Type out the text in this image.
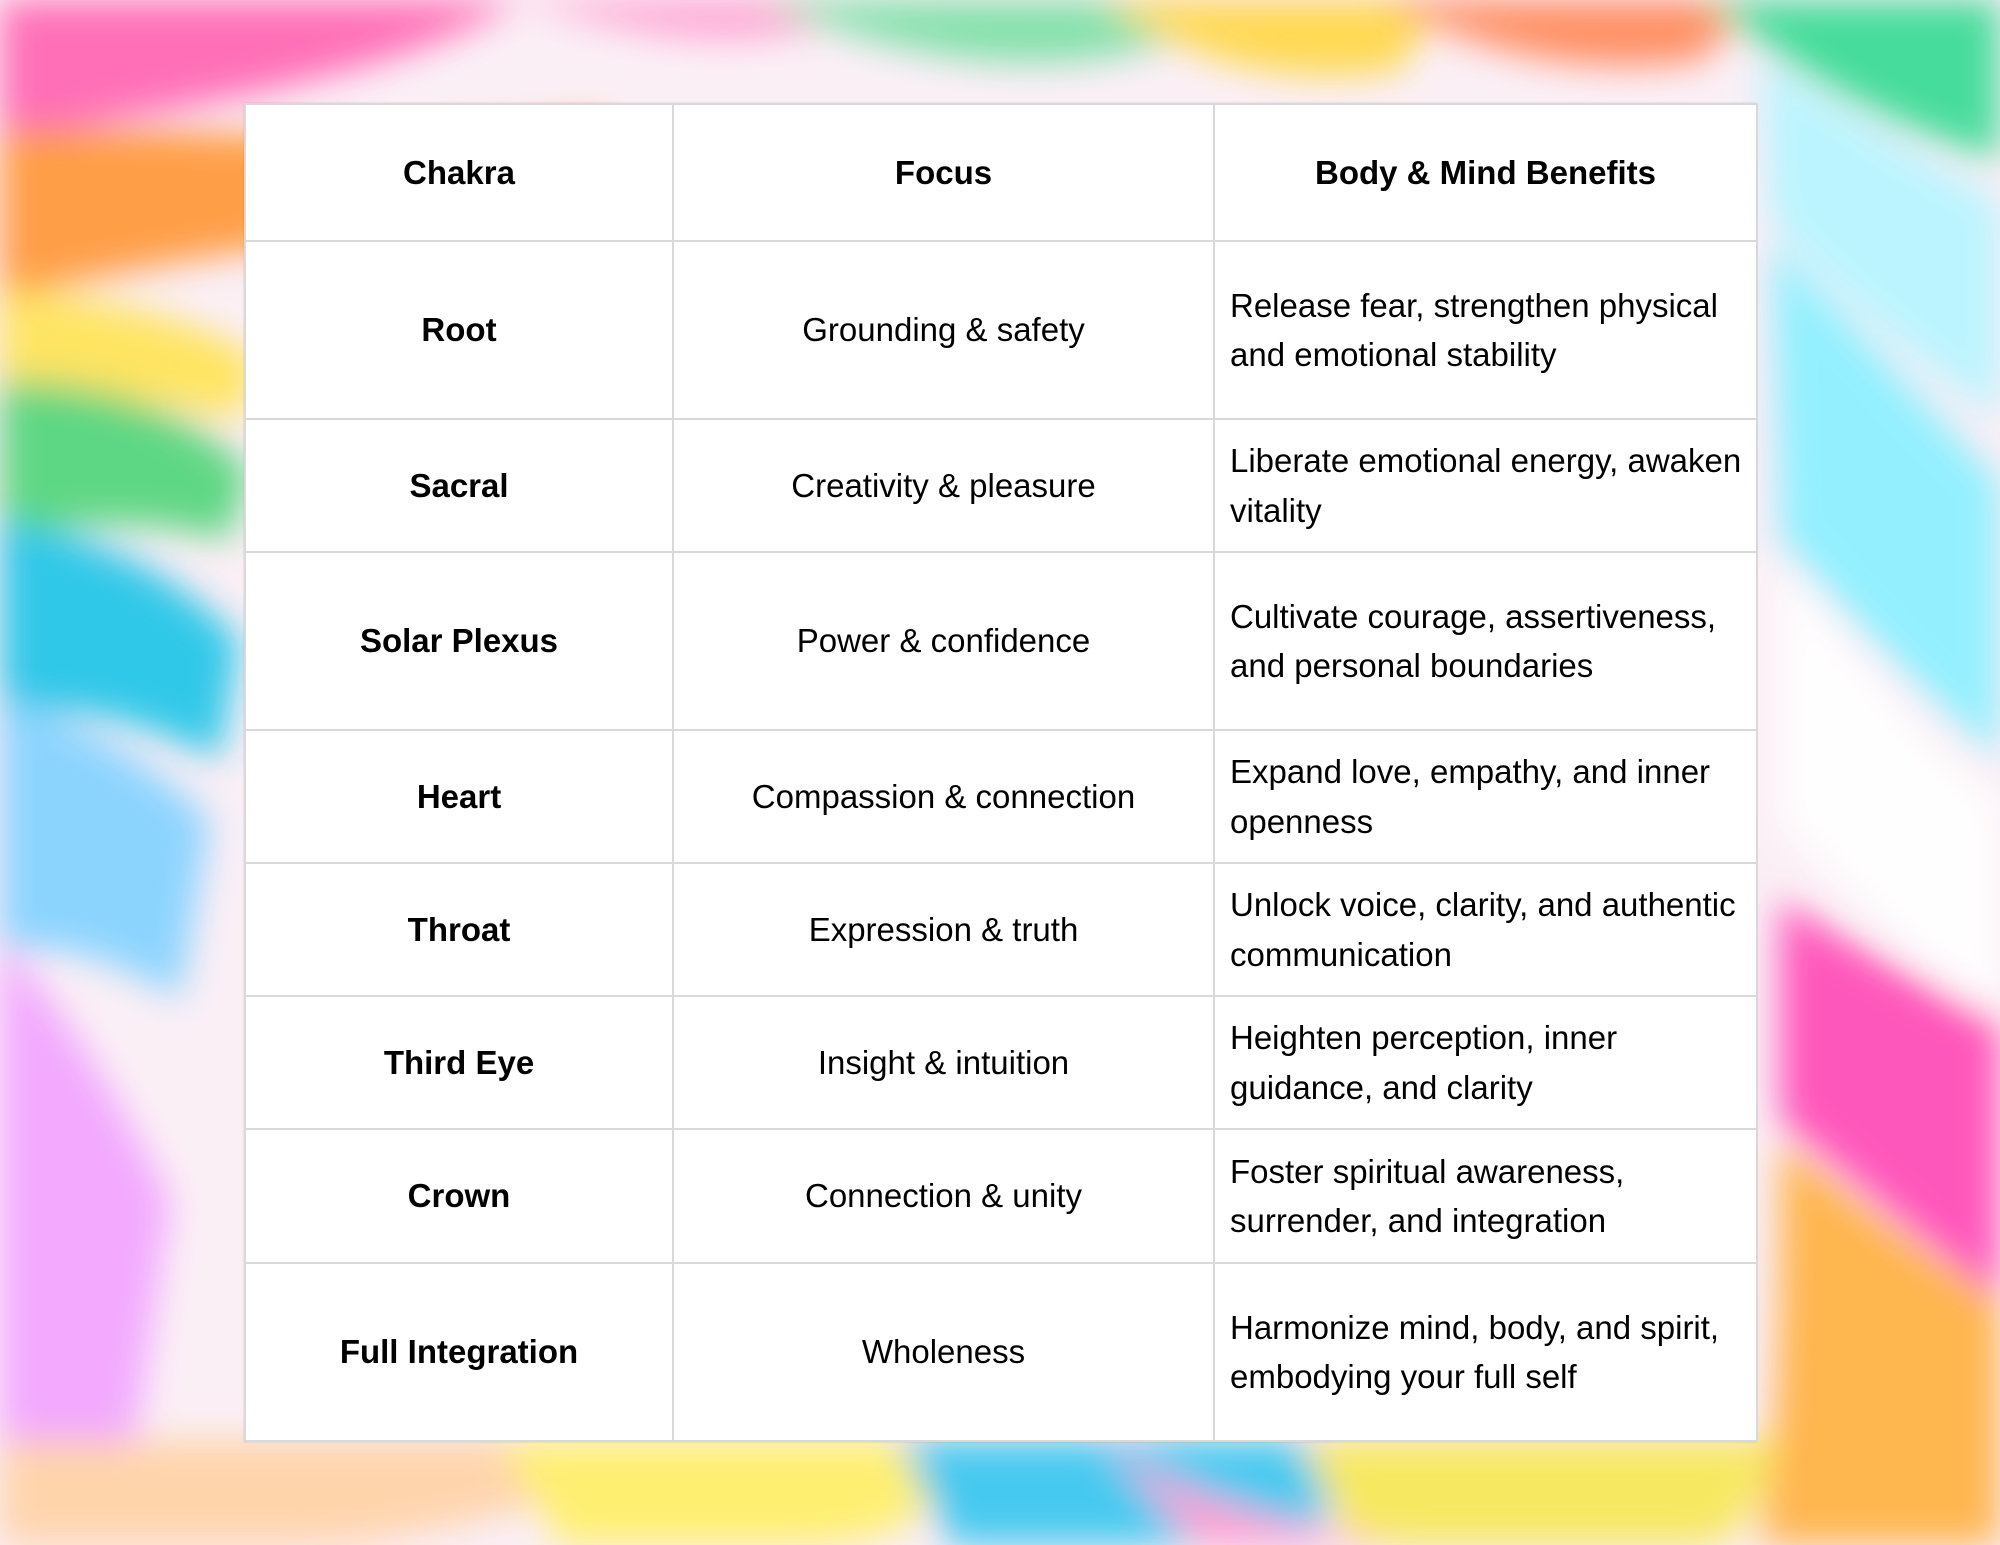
Chakra	Focus	Body & Mind Benefits
Root	Grounding & safety	Release fear, strengthen physical and emotional stability
Sacral	Creativity & pleasure	Liberate emotional energy, awaken vitality
Solar Plexus	Power & confidence	Cultivate courage, assertiveness, and personal boundaries
Heart	Compassion & connection	Expand love, empathy, and inner openness
Throat	Expression & truth	Unlock voice, clarity, and authentic communication
Third Eye	Insight & intuition	Heighten perception, inner guidance, and clarity
Crown	Connection & unity	Foster spiritual awareness, surrender, and integration
Full Integration	Wholeness	Harmonize mind, body, and spirit, embodying your full self
